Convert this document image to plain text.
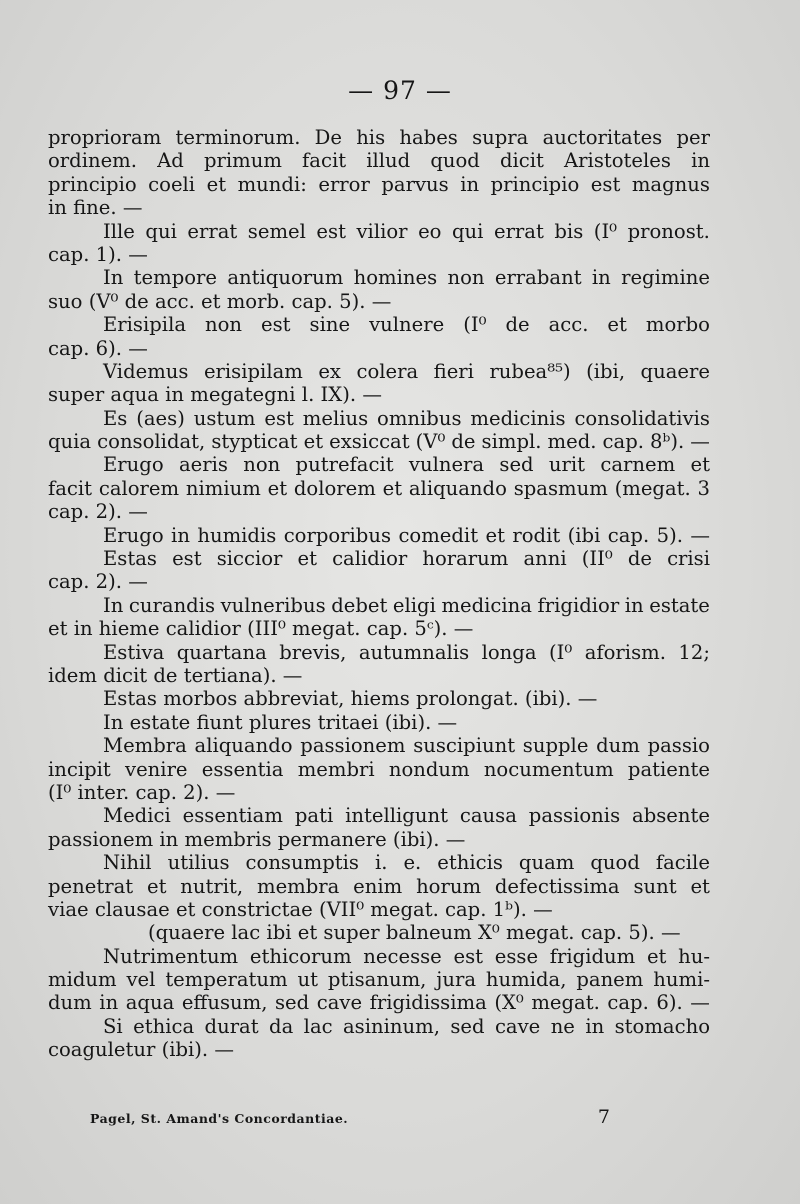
— 97 —
proprioram terminorum. De his habes supra auctoritates per
ordinem. Ad primum facit illud quod dicit Aristoteles in
principio coeli et mundi: error parvus in principio est magnus
in fine. —
Ille qui errat semel est vilior eo qui errat bis (I⁰ pronost.
cap. 1). —
In tempore antiquorum homines non errabant in regimine
suo (V⁰ de acc. et morb. cap. 5). —
Erisipila non est sine vulnere (I⁰ de acc. et morbo
cap. 6). —
Videmus erisipilam ex colera fieri rubea⁸⁵) (ibi, quaere
super aqua in megategni l. IX). —
Es (aes) ustum est melius omnibus medicinis consolidativis
quia consolidat, stypticat et exsiccat (V⁰ de simpl. med. cap. 8ᵇ). —
Erugo aeris non putrefacit vulnera sed urit carnem et
facit calorem nimium et dolorem et aliquando spasmum (megat. 3
cap. 2). —
Erugo in humidis corporibus comedit et rodit (ibi cap. 5). —
Estas est siccior et calidior horarum anni (II⁰ de crisi
cap. 2). —
In curandis vulneribus debet eligi medicina frigidior in estate
et in hieme calidior (III⁰ megat. cap. 5ᶜ). —
Estiva quartana brevis, autumnalis longa (I⁰ aforism. 12;
idem dicit de tertiana). —
Estas morbos abbreviat, hiems prolongat. (ibi). —
In estate fiunt plures tritaei (ibi). —
Membra aliquando passionem suscipiunt supple dum passio
incipit venire essentia membri nondum nocumentum patiente
(I⁰ inter. cap. 2). —
Medici essentiam pati intelligunt causa passionis absente
passionem in membris permanere (ibi). —
Nihil utilius consumptis i. e. ethicis quam quod facile
penetrat et nutrit, membra enim horum defectissima sunt et
viae clausae et constrictae (VII⁰ megat. cap. 1ᵇ). —
(quaere lac ibi et super balneum X⁰ megat. cap. 5). —
Nutrimentum ethicorum necesse est esse frigidum et hu-
midum vel temperatum ut ptisanum, jura humida, panem humi-
dum in aqua effusum, sed cave frigidissima (X⁰ megat. cap. 6). —
Si ethica durat da lac asininum, sed cave ne in stomacho
coaguletur (ibi). —
Pagel, St. Amand's Concordantiae.	7
